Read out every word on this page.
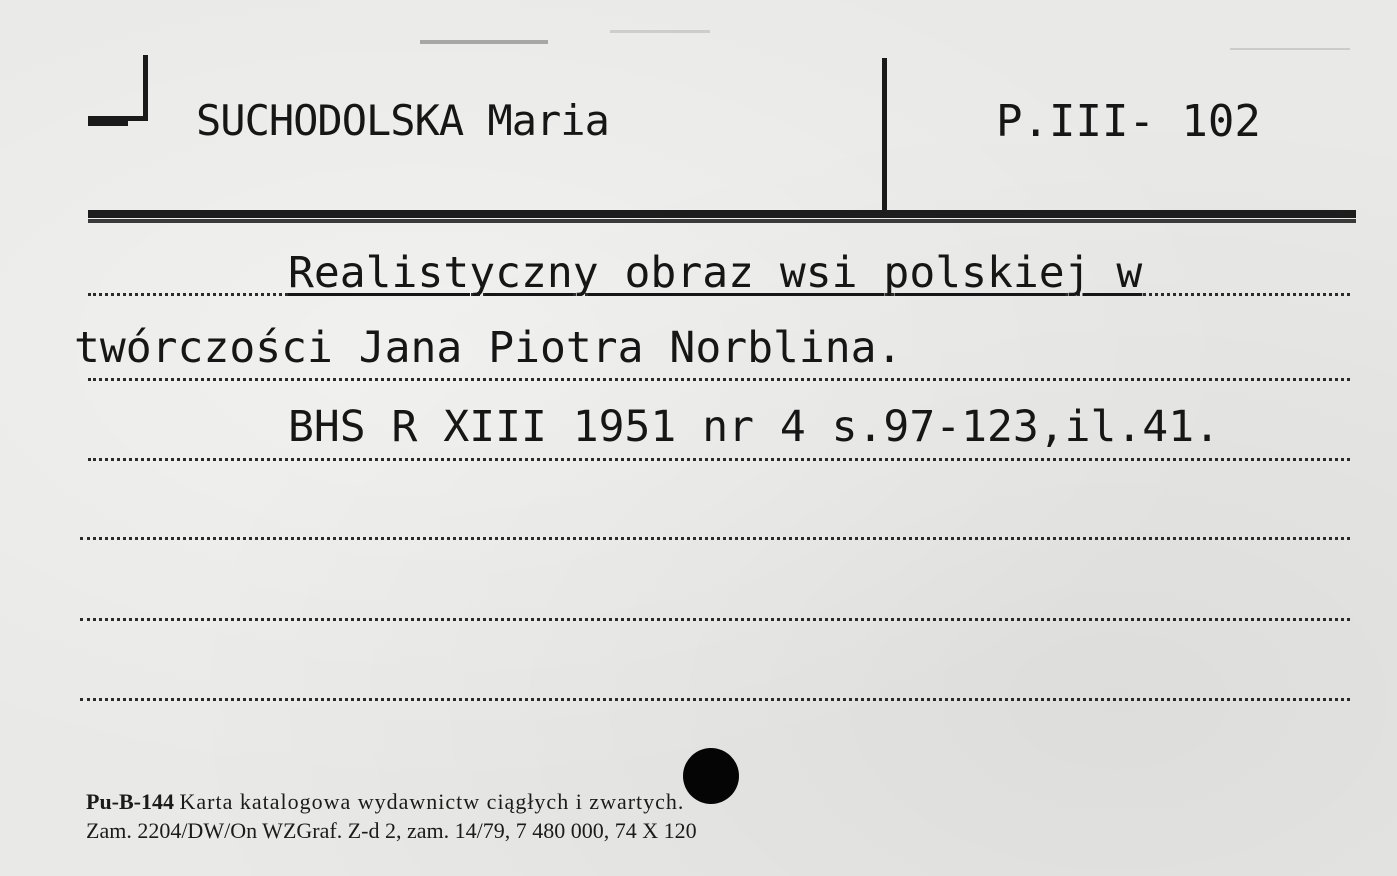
SUCHODOLSKA Maria	P.III- 102
Realistyczny obraz wsi polskiej w
twórczości Jana Piotra Norblina.
BHS R XIII 1951 nr 4 s.97-123,il.41.
Pu-B-144 Karta katalogowa wydawnictw ciągłych i zwartych.
Zam. 2204/DW/On WZGraf. Z-d 2, zam. 14/79, 7 480 000, 74 X 120
